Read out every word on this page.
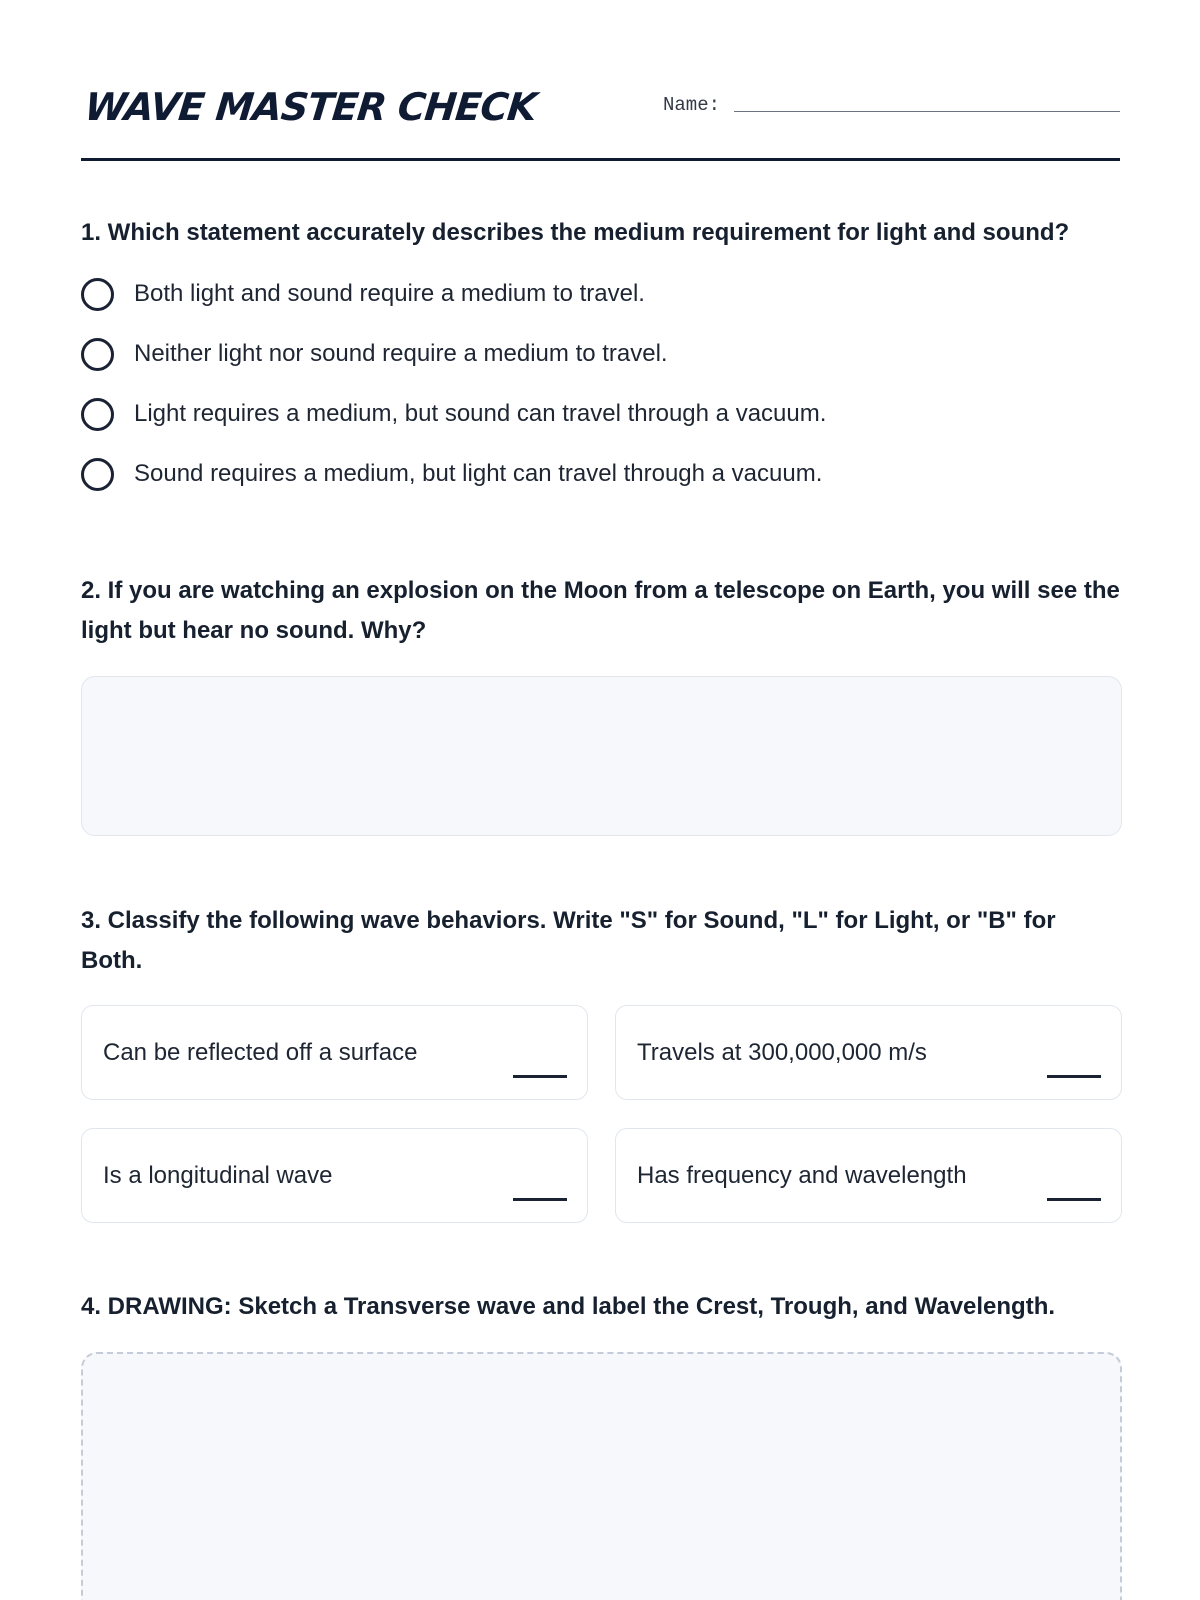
WAVE MASTER CHECK	Name:
1. Which statement accurately describes the medium requirement for light and sound?
Both light and sound require a medium to travel.
Neither light nor sound require a medium to travel.
Light requires a medium, but sound can travel through a vacuum.
Sound requires a medium, but light can travel through a vacuum.
2. If you are watching an explosion on the Moon from a telescope on Earth, you will see the light but hear no sound. Why?
3. Classify the following wave behaviors. Write "S" for Sound, "L" for Light, or "B" for Both.
Can be reflected off a surface	Travels at 300,000,000 m/s
Is a longitudinal wave	Has frequency and wavelength
4. DRAWING: Sketch a Transverse wave and label the Crest, Trough, and Wavelength.
